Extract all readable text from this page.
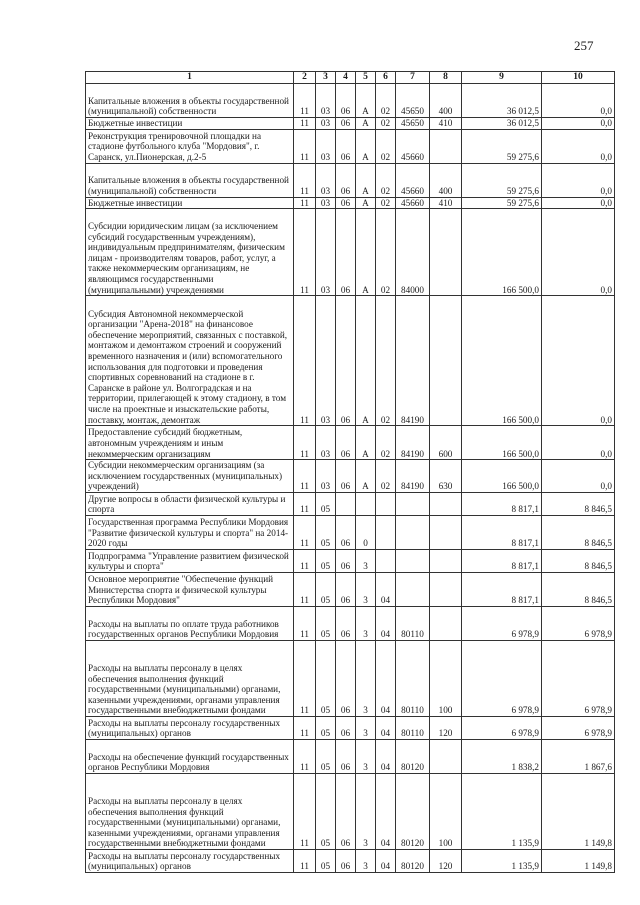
257
1	2	3	4	5	6	7	8	9	10
Капитальные вложения в объекты государственной (муниципальной) собственности	11	03	06	А	02	45650	400	36 012,5	0,0
Бюджетные инвестиции	11	03	06	А	02	45650	410	36 012,5	0,0
Реконструкция тренировочной площадки на стадионе футбольного клуба "Мордовия", г. Саранск, ул.Пионерская, д.2-5	11	03	06	А	02	45660		59 275,6	0,0
Капитальные вложения в объекты государственной (муниципальной) собственности	11	03	06	А	02	45660	400	59 275,6	0,0
Бюджетные инвестиции	11	03	06	А	02	45660	410	59 275,6	0,0
Субсидии юридическим лицам (за исключением субсидий государственным учреждениям), индивидуальным предпринимателям, физическим лицам - производителям товаров, работ, услуг, а также некоммерческим организациям, не являющимся государственными (муниципальными) учреждениями	11	03	06	А	02	84000		166 500,0	0,0
Субсидия Автономной некоммерческой организации "Арена-2018" на финансовое обеспечение мероприятий, связанных с поставкой, монтажом и демонтажом строений и сооружений временного назначения и (или) вспомогательного использования для подготовки и проведения спортивных соревнований на стадионе в г. Саранске в районе ул. Волгоградская и на территории, прилегающей к этому стадиону, в том числе на проектные и изыскательские работы, поставку, монтаж, демонтаж	11	03	06	А	02	84190		166 500,0	0,0
Предоставление субсидий бюджетным, автономным учреждениям и иным некоммерческим организациям	11	03	06	А	02	84190	600	166 500,0	0,0
Субсидии некоммерческим организациям (за исключением государственных (муниципальных) учреждений)	11	03	06	А	02	84190	630	166 500,0	0,0
Другие вопросы в области физической культуры и спорта	11	05						8 817,1	8 846,5
Государственная программа Республики Мордовия "Развитие физической культуры и спорта" на 2014-2020 годы	11	05	06	0				8 817,1	8 846,5
Подпрограмма "Управление развитием физической культуры и спорта"	11	05	06	3				8 817,1	8 846,5
Основное мероприятие "Обеспечение функций Министерства спорта и физической культуры Республики Мордовия"	11	05	06	3	04			8 817,1	8 846,5
Расходы на выплаты по оплате труда работников государственных органов Республики Мордовия	11	05	06	3	04	80110		6 978,9	6 978,9
Расходы на выплаты персоналу в целях обеспечения выполнения функций государственными (муниципальными) органами, казенными учреждениями, органами управления государственными внебюджетными фондами	11	05	06	3	04	80110	100	6 978,9	6 978,9
Расходы на выплаты персоналу государственных (муниципальных) органов	11	05	06	3	04	80110	120	6 978,9	6 978,9
Расходы на обеспечение функций государственных органов Республики Мордовия	11	05	06	3	04	80120		1 838,2	1 867,6
Расходы на выплаты персоналу в целях обеспечения выполнения функций государственными (муниципальными) органами, казенными учреждениями, органами управления государственными внебюджетными фондами	11	05	06	3	04	80120	100	1 135,9	1 149,8
Расходы на выплаты персоналу государственных (муниципальных) органов	11	05	06	3	04	80120	120	1 135,9	1 149,8
